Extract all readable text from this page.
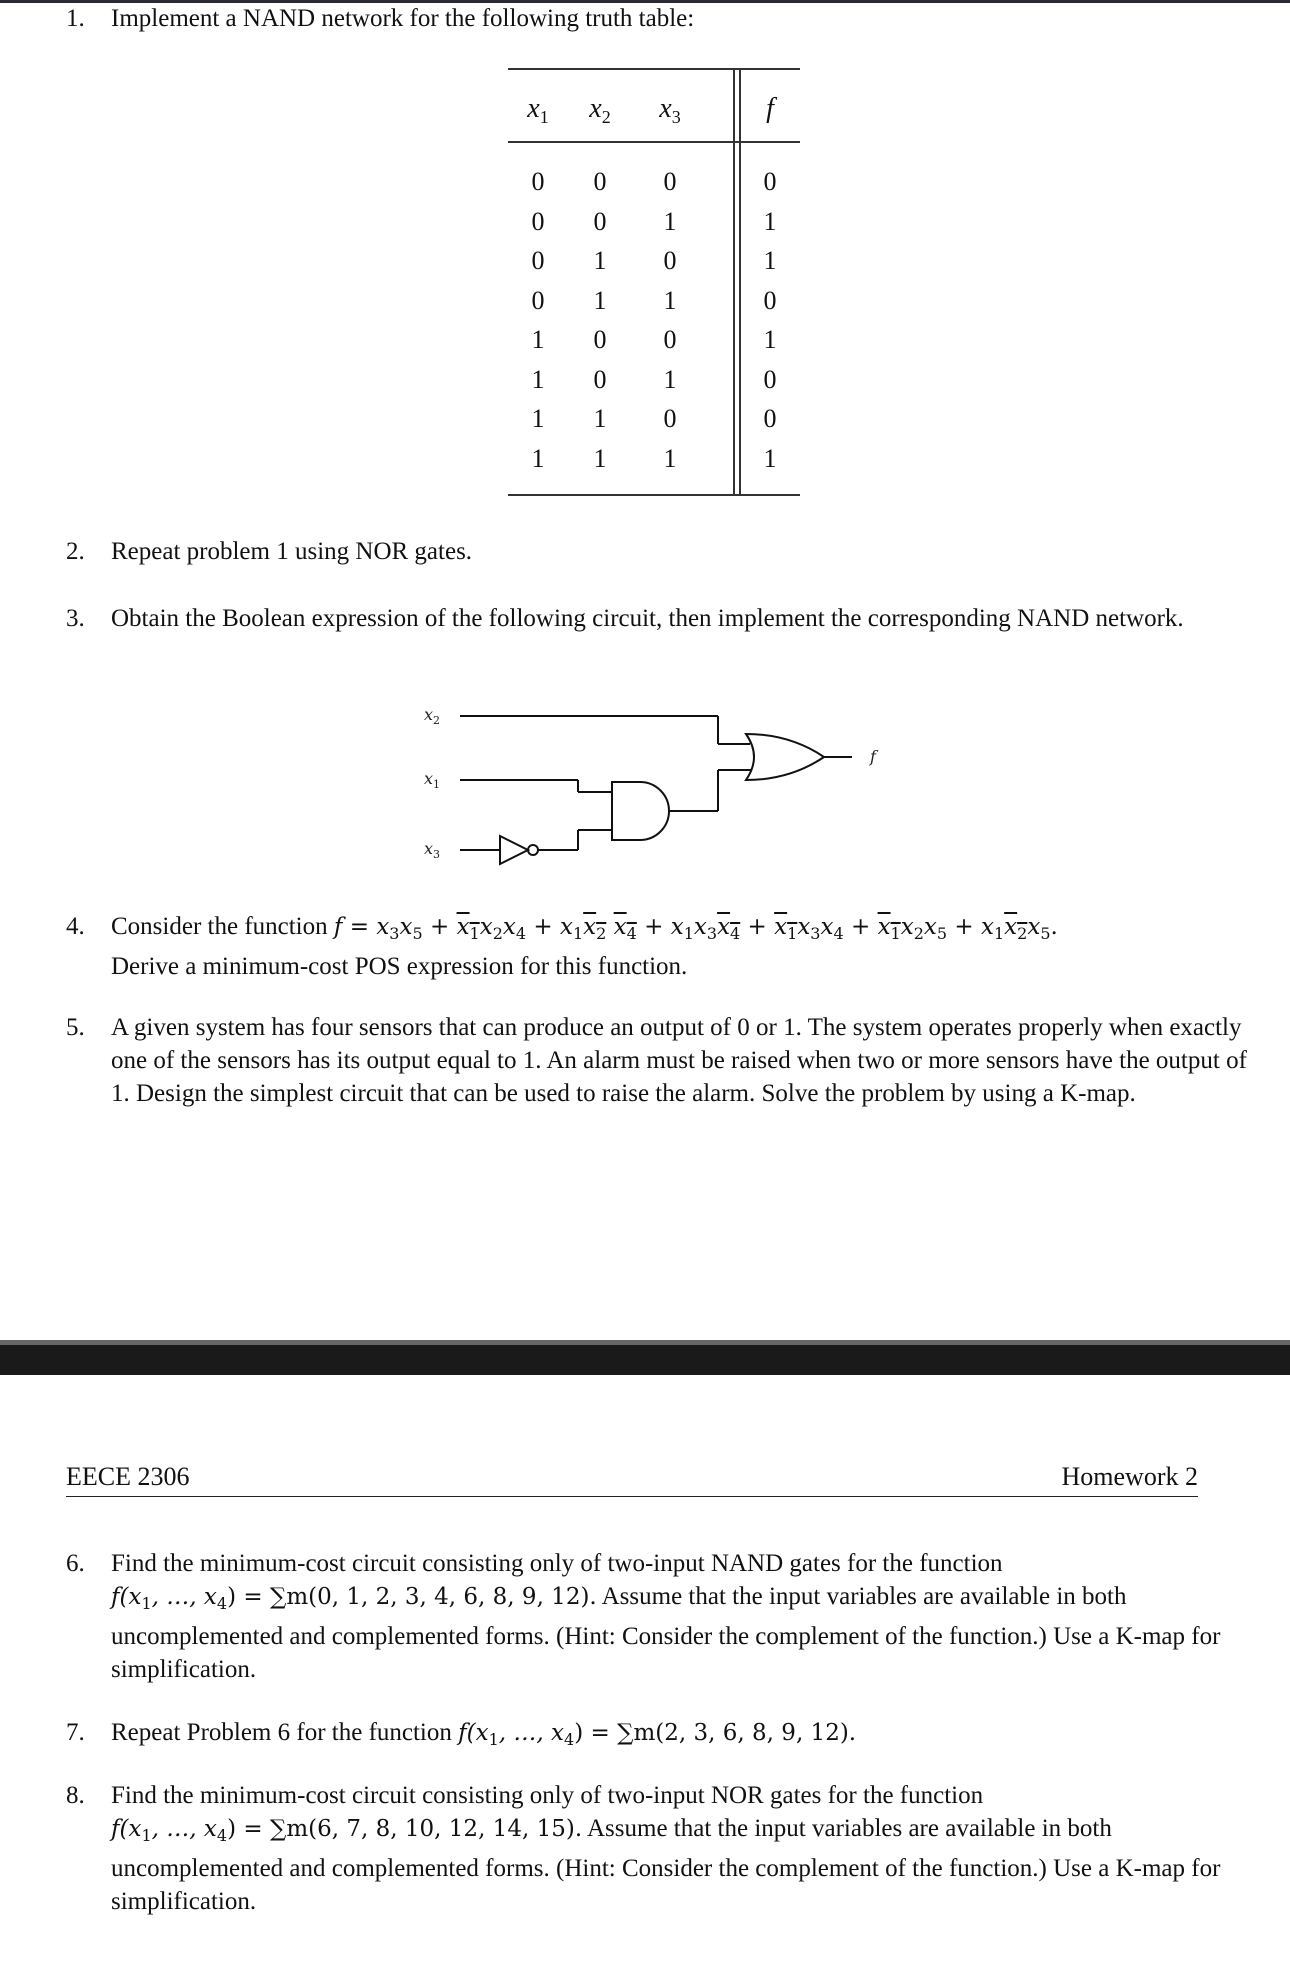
1.	Implement a NAND network for the following truth table:
$x_1$	$x_2$	$x_3$	f
0	0	0	0
0	0	1	1
0	1	0	1
0	1	1	0
1	0	0	1
1	0	1	0
1	1	0	0
1	1	1	1
2.	Repeat problem 1 using NOR gates.
3.	Obtain the Boolean expression of the following circuit, then implement the corresponding NAND network.
$x_2$
$x_1$
$x_3$
f
4.	Consider the function $f = x_3x_5 + x_1x_2x_4 + x_1x_2$ $x_4 + x_1x_3x_4 + x_1x_3x_4 + x_1x_2x_5 + x_1x_2x_5$.
Derive a minimum-cost POS expression for this function.
5.	A given system has four sensors that can produce an output of 0 or 1. The system operates properly when exactly one of the sensors has its output equal to 1. An alarm must be raised when two or more sensors have the output of 1. Design the simplest circuit that can be used to raise the alarm. Solve the problem by using a K-map.
EECE 2306	Homework 2
6.	Find the minimum-cost circuit consisting only of two-input NAND gates for the function
$f(x_1$, …, $x_4) = \sum m(0$, 1, 2, 3, 4, 6, 8, 9, 12). Assume that the input variables are available in both uncomplemented and complemented forms. (Hint: Consider the complement of the function.) Use a K-map for simplification.
7.	Repeat Problem 6 for the function $f(x_1$, …, $x_4) = \sum m(2$, 3, 6, 8, 9, 12).
8.	Find the minimum-cost circuit consisting only of two-input NOR gates for the function
$f(x_1$, …, $x_4) = \sum m(6$, 7, 8, 10, 12, 14, 15). Assume that the input variables are available in both uncomplemented and complemented forms. (Hint: Consider the complement of the function.) Use a K-map for simplification.
